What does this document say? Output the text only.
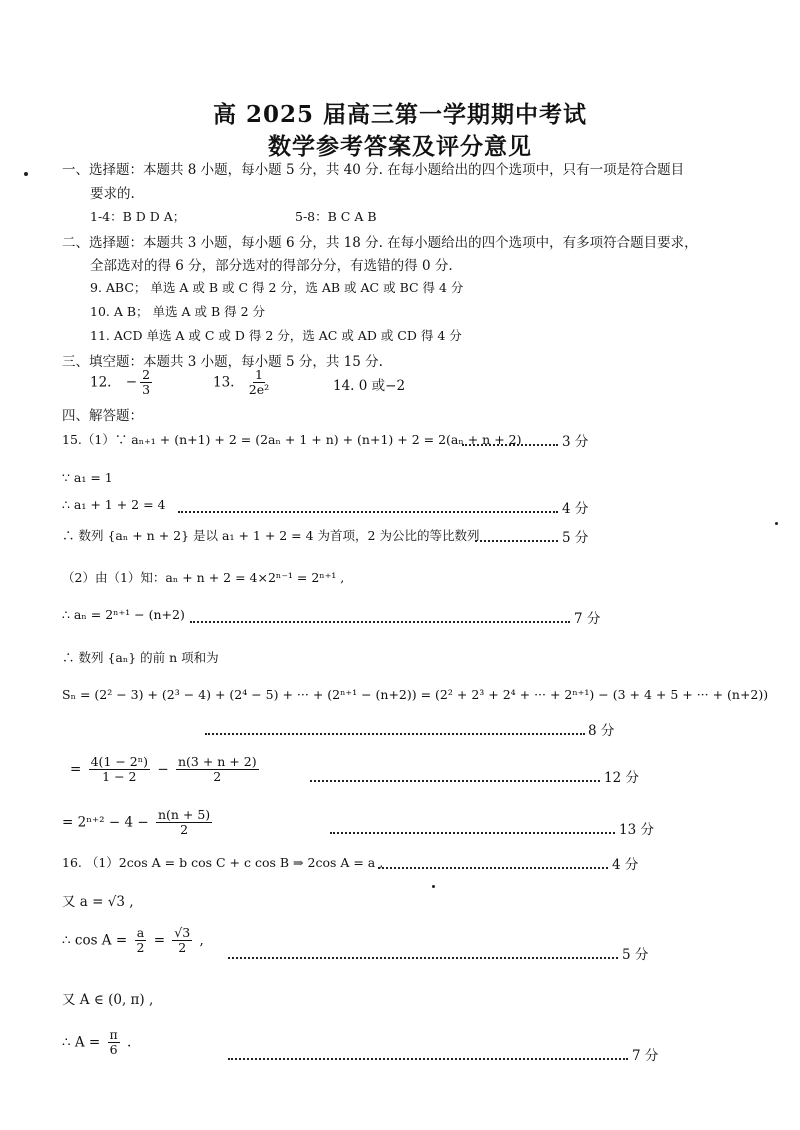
高 2025 届高三第一学期期中考试
数学参考答案及评分意见
一、选择题：本题共 8 小题，每小题 5 分，共 40 分. 在每小题给出的四个选项中，只有一项是符合题目
要求的.
1-4：B D D A；	5-8：B C A B
二、选择题：本题共 3 小题，每小题 6 分，共 18 分. 在每小题给出的四个选项中，有多项符合题目要求，
全部选对的得 6 分，部分选对的得部分分，有选错的得 0 分.
9. ABC； 单选 A 或 B 或 C 得 2 分，选 AB 或 AC 或 BC 得 4 分
10. A B； 单选 A 或 B 得 2 分
11. ACD 单选 A 或 C 或 D 得 2 分，选 AC 或 AD 或 CD 得 4 分
三、填空题：本题共 3 小题，每小题 5 分，共 15 分.
12. − $\frac{2}{3}$	13. $\frac{1}{\text{2e²}}$	14. 0 或−2
四、解答题：
15.（1）∵ aₙ₊₁ + (n+1) + 2 = (2aₙ + 1 + n) + (n+1) + 2 = 2(aₙ + n + 2)	3 分
∵ a₁ = 1
∴ a₁ + 1 + 2 = 4	4 分
∴ 数列 {aₙ + n + 2} 是以 a₁ + 1 + 2 = 4 为首项，2 为公比的等比数列	5 分
（2）由（1）知：aₙ + n + 2 = 4×2ⁿ⁻¹ = 2ⁿ⁺¹ ,
∴ aₙ = 2ⁿ⁺¹ − (n+2)	7 分
∴ 数列 {aₙ} 的前 n 项和为
Sₙ = (2² − 3) + (2³ − 4) + (2⁴ − 5) + ··· + (2ⁿ⁺¹ − (n+2)) = (2² + 2³ + 2⁴ + ··· + 2ⁿ⁺¹) − (3 + 4 + 5 + ··· + (n+2))
8 分
= $\frac{\text{4(1 − 2ⁿ)}}{1 - 2} - \frac{n(3 + n + 2)}{2}$	12 分
= $2^{n+2} - 4 - \frac{n(n + 5)}{2}$	13 分
16. （1）2cos A = b cos C + c cos B ⇒ 2cos A = a ,	4 分
又 a = √3 ,
∴ $\cos A = \frac{a}{2} = \frac{√3}{2}$ ,
5 分
又 A ∈ (0, π) ,
∴ $A = \frac{\pi}{6}$ .
7 分
